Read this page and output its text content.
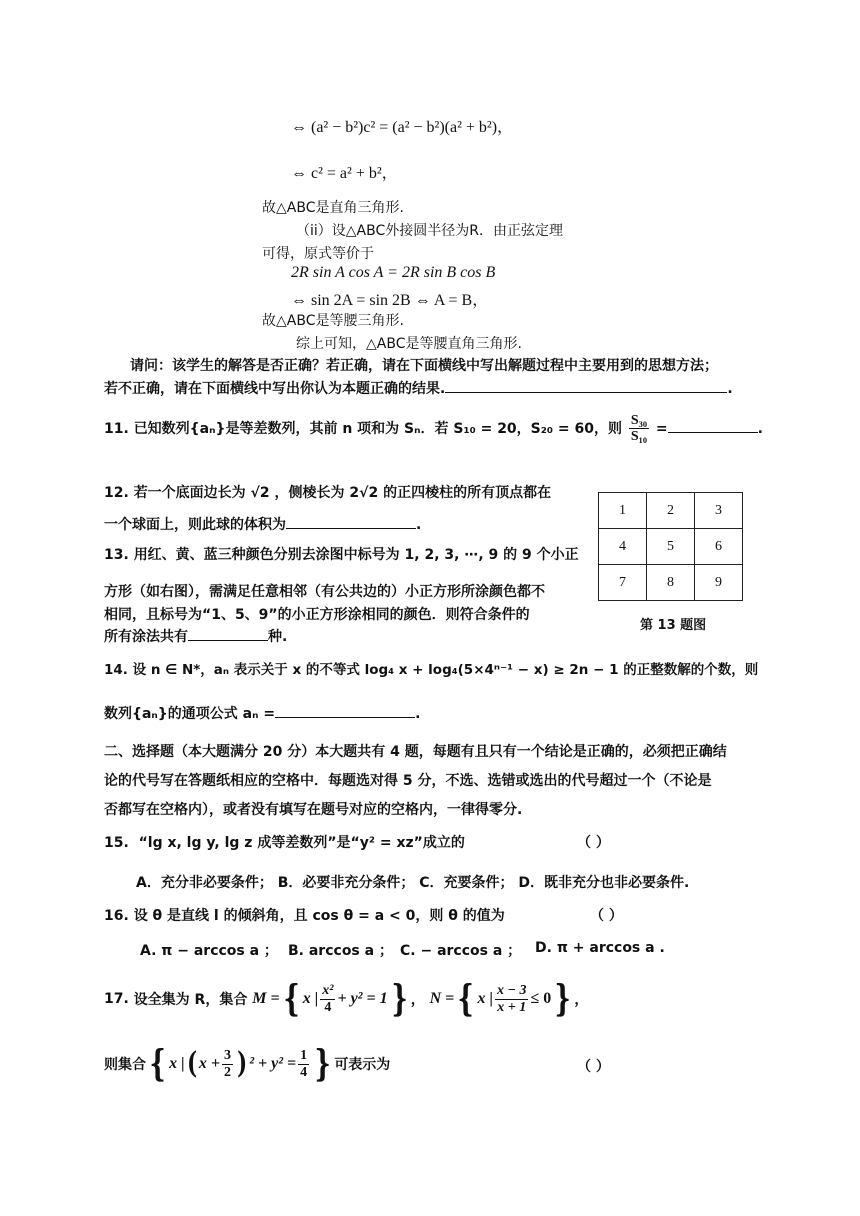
⇔ (a² − b²)c² = (a² − b²)(a² + b²)，
⇔ c² = a² + b²，
故△ABC是直角三角形.
（ii）设△ABC外接圆半径为R．由正弦定理
可得，原式等价于
2R sin A cos A = 2R sin B cos B
⇔ sin 2A = sin 2B ⇔ A = B，
故△ABC是等腰三角形.
综上可知，△ABC是等腰直角三角形.
请问：该学生的解答是否正确？若正确，请在下面横线中写出解题过程中主要用到的思想方法；
若不正确，请在下面横线中写出你认为本题正确的结果.	.
11. 已知数列{aₙ}是等差数列，其前 n 项和为 Sₙ．若 S₁₀ = 20，S₂₀ = 60，则 $\frac{\text{S₃₀}}{\text{S₁₀}}$ =	.
12. 若一个底面边长为 √2 ，侧棱长为 2√2 的正四棱柱的所有顶点都在
一个球面上，则此球的体积为	.
13. 用红、黄、蓝三种颜色分别去涂图中标号为 1, 2, 3, ⋯, 9 的 9 个小正
方形（如右图），需满足任意相邻（有公共边的）小正方形所涂颜色都不
相同，且标号为“1、5、9”的小正方形涂相同的颜色．则符合条件的
所有涂法共有	种.
1	2	3
4	5	6
7	8	9
第 13 题图
14. 设 n ∈ N*，aₙ 表示关于 x 的不等式 log₄ x + log₄(5×4ⁿ⁻¹ − x) ≥ 2n − 1 的正整数解的个数，则
数列{aₙ}的通项公式 aₙ =	.
二、选择题（本大题满分 20 分）本大题共有 4 题，每题有且只有一个结论是正确的，必须把正确结
论的代号写在答题纸相应的空格中．每题选对得 5 分，不选、选错或选出的代号超过一个（不论是
否都写在空格内），或者没有填写在题号对应的空格内，一律得零分.
15. “lg x, lg y, lg z 成等差数列”是“y² = xz”成立的	（ ）
A．充分非必要条件； B．必要非充分条件； C．充要条件； D．既非充分也非必要条件.
16. 设 θ 是直线 l 的倾斜角，且 cos θ = a < 0，则 θ 的值为	（ ）
A. π − arccos a ； B. arccos a ； C. − arccos a ； D. π + arccos a .
17.
设全集为 R，集合
M = { x | $\frac{\text{x²}}{4} + y^2 = 1$ } ， N = { x | $\frac{x - 3}{x + 1} \le 0$ } ，
则集合 { x | ( $x + \frac{3}{2}$ ) $^2 + y^2 = \frac{1}{4}$ } 可表示为	（ ）
